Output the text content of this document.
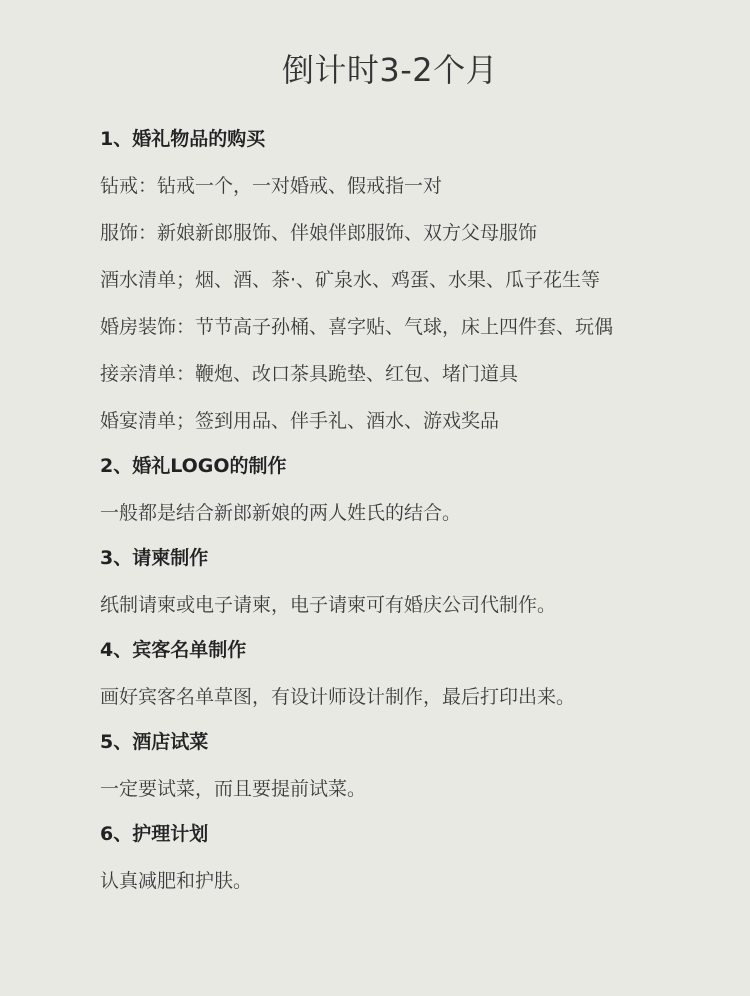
倒计时3-2个月

1、婚礼物品的购买

钻戒：钻戒一个，一对婚戒、假戒指一对

服饰：新娘新郎服饰、伴娘伴郎服饰、双方父母服饰

酒水清单；烟、酒、茶·、矿泉水、鸡蛋、水果、瓜子花生等

婚房装饰：节节高子孙桶、喜字贴、气球，床上四件套、玩偶

接亲清单：鞭炮、改口茶具跪垫、红包、堵门道具

婚宴清单；签到用品、伴手礼、酒水、游戏奖品

2、婚礼LOGO的制作

一般都是结合新郎新娘的两人姓氏的结合。

3、请柬制作

纸制请柬或电子请柬，电子请柬可有婚庆公司代制作。

4、宾客名单制作

画好宾客名单草图，有设计师设计制作，最后打印出来。

5、酒店试菜

一定要试菜，而且要提前试菜。

6、护理计划

认真减肥和护肤。
